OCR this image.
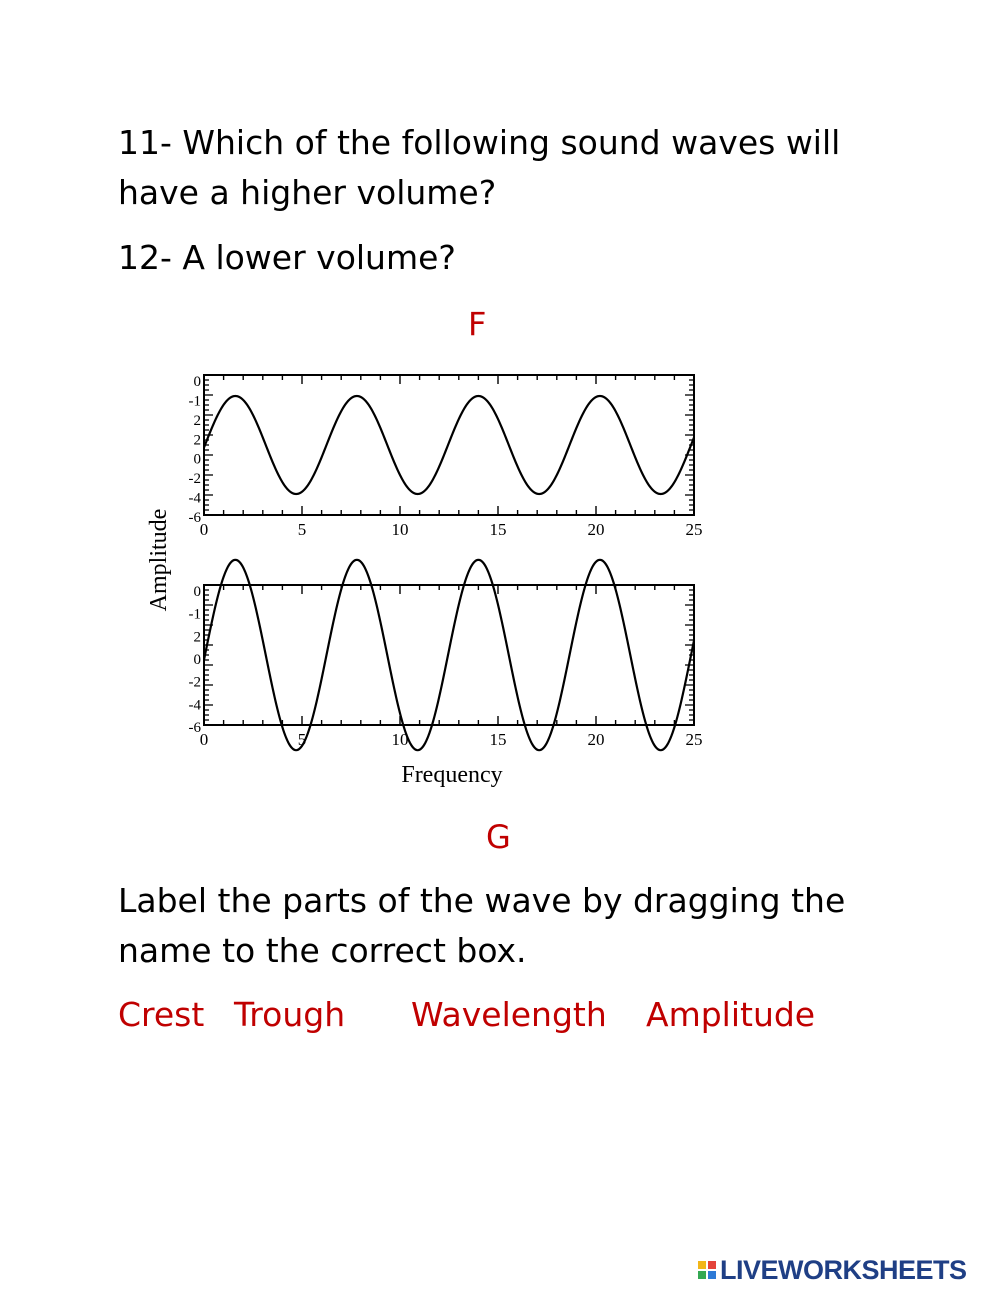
11- Which of the following sound waves will have a higher volume?
12- A lower volume?
F
0	5	10	15	20	25
0
-1
2
2
0
-2
-4
-6
0	5	10	15	20	25
0
-1
2
0
-2
-4
-6
Amplitude
Frequency
G
Label the parts of the wave by dragging the name to the correct box.
Crest Trough Wavelength Amplitude
LIVEWORKSHEETS
